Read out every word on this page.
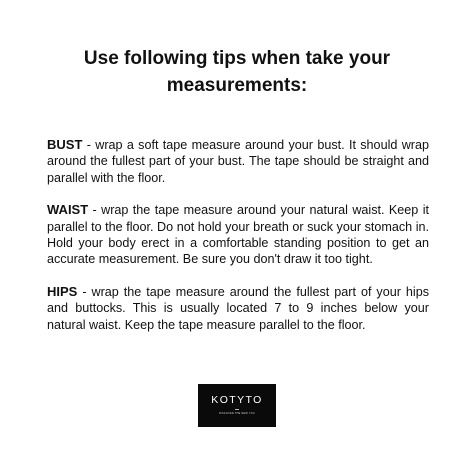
Use following tips when take your
measurements:

BUST - wrap a soft tape measure around your bust. It should wrap around the fullest part of your bust. The tape should be straight and parallel with the floor.

WAIST - wrap the tape measure around your natural waist. Keep it parallel to the floor. Do not hold your breath or suck your stomach in. Hold your body erect in a comfortable standing position to get an accurate measurement. Be sure you don't draw it too tight.

HIPS - wrap the tape measure around the fullest part of your hips and buttocks. This is usually located 7 to 9 inches below your natural waist. Keep the tape measure parallel to the floor.

KOTYTO
DISCOVER THE NEW YOU
